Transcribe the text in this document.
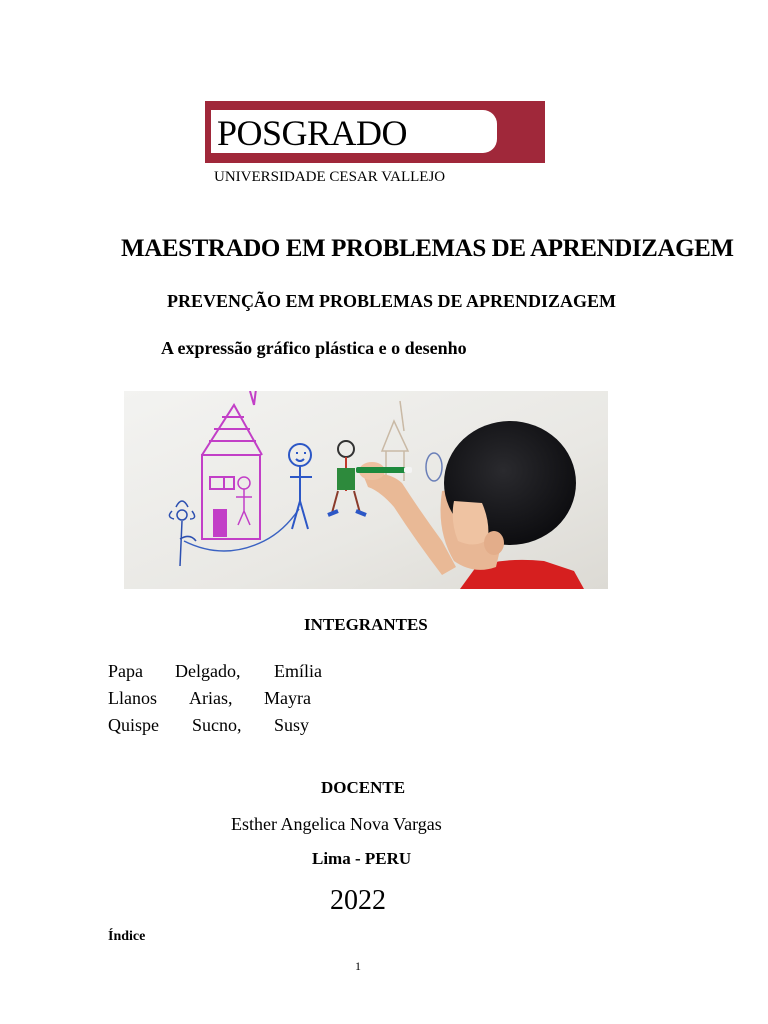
POSGRADO
UNIVERSIDADE CESAR VALLEJO
MAESTRADO EM PROBLEMAS DE APRENDIZAGEM
PREVENÇÃO EM PROBLEMAS DE APRENDIZAGEM
A expressão gráfico plástica e o desenho
INTEGRANTES
Papa Delgado, Emília
Llanos Arias, Mayra
Quispe Sucno, Susy
DOCENTE
Esther Angelica Nova Vargas
Lima - PERU
2022
Índice
1
